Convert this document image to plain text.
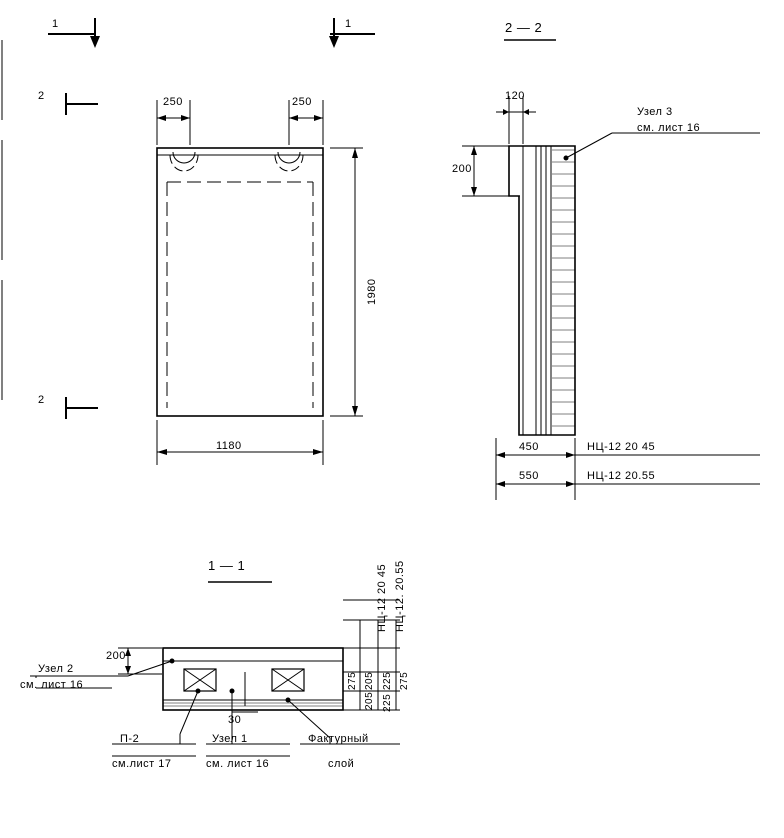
1	1
2
2
250	250
1980
1180
2 — 2
120
200
Узел 3
см. лист 16
450
550
НЦ-12 20 45
НЦ-12 20.55
1 — 1
200
30
НЦ-12 20 45 НЦ-12. 20.55
205
205
275 225
225
275
Узел 2
см. лист 16
П-2
см.лист 17
Узел 1
см. лист 16
Фактурный
слой
